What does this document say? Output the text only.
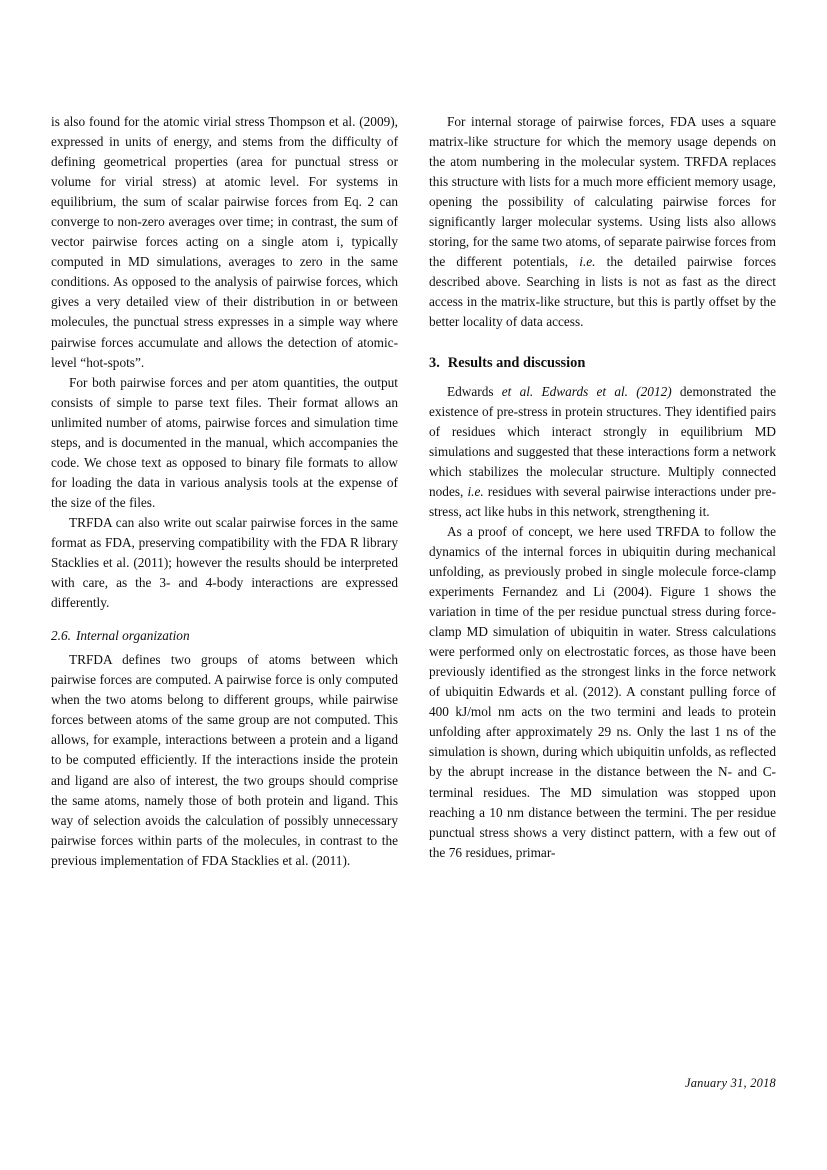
is also found for the atomic virial stress Thompson et al. (2009), expressed in units of energy, and stems from the difficulty of defining geometrical properties (area for punctual stress or volume for virial stress) at atomic level. For systems in equilibrium, the sum of scalar pairwise forces from Eq. 2 can converge to non-zero averages over time; in contrast, the sum of vector pairwise forces acting on a single atom i, typically computed in MD simulations, averages to zero in the same conditions. As opposed to the analysis of pairwise forces, which gives a very detailed view of their distribution in or between molecules, the punctual stress expresses in a simple way where pairwise forces accumulate and allows the detection of atomic-level “hot-spots”.

For both pairwise forces and per atom quantities, the output consists of simple to parse text files. Their format allows an unlimited number of atoms, pairwise forces and simulation time steps, and is documented in the manual, which accompanies the code. We chose text as opposed to binary file formats to allow for loading the data in various analysis tools at the expense of the size of the files.

TRFDA can also write out scalar pairwise forces in the same format as FDA, preserving compatibility with the FDA R library Stacklies et al. (2011); however the results should be interpreted with care, as the 3- and 4-body interactions are expressed differently.

2.6. Internal organization

TRFDA defines two groups of atoms between which pairwise forces are computed. A pairwise force is only computed when the two atoms belong to different groups, while pairwise forces between atoms of the same group are not computed. This allows, for example, interactions between a protein and a ligand to be computed efficiently. If the interactions inside the protein and ligand are also of interest, the two groups should comprise the same atoms, namely those of both protein and ligand. This way of selection avoids the calculation of possibly unnecessary pairwise forces within parts of the molecules, in contrast to the previous implementation of FDA Stacklies et al. (2011).

For internal storage of pairwise forces, FDA uses a square matrix-like structure for which the memory usage depends on the atom numbering in the molecular system. TRFDA replaces this structure with lists for a much more efficient memory usage, opening the possibility of calculating pairwise forces for significantly larger molecular systems. Using lists also allows storing, for the same two atoms, of separate pairwise forces from the different potentials, i.e. the detailed pairwise forces described above. Searching in lists is not as fast as the direct access in the matrix-like structure, but this is partly offset by the better locality of data access.

3. Results and discussion

Edwards et al. Edwards et al. (2012) demonstrated the existence of pre-stress in protein structures. They identified pairs of residues which interact strongly in equilibrium MD simulations and suggested that these interactions form a network which stabilizes the molecular structure. Multiply connected nodes, i.e. residues with several pairwise interactions under pre-stress, act like hubs in this network, strengthening it.

As a proof of concept, we here used TRFDA to follow the dynamics of the internal forces in ubiquitin during mechanical unfolding, as previously probed in single molecule force-clamp experiments Fernandez and Li (2004). Figure 1 shows the variation in time of the per residue punctual stress during force-clamp MD simulation of ubiquitin in water. Stress calculations were performed only on electrostatic forces, as those have been previously identified as the strongest links in the force network of ubiquitin Edwards et al. (2012). A constant pulling force of 400 kJ/mol nm acts on the two termini and leads to protein unfolding after approximately 29 ns. Only the last 1 ns of the simulation is shown, during which ubiquitin unfolds, as reflected by the abrupt increase in the distance between the N- and C-terminal residues. The MD simulation was stopped upon reaching a 10 nm distance between the termini. The per residue punctual stress shows a very distinct pattern, with a few out of the 76 residues, primar-

January 31, 2018
